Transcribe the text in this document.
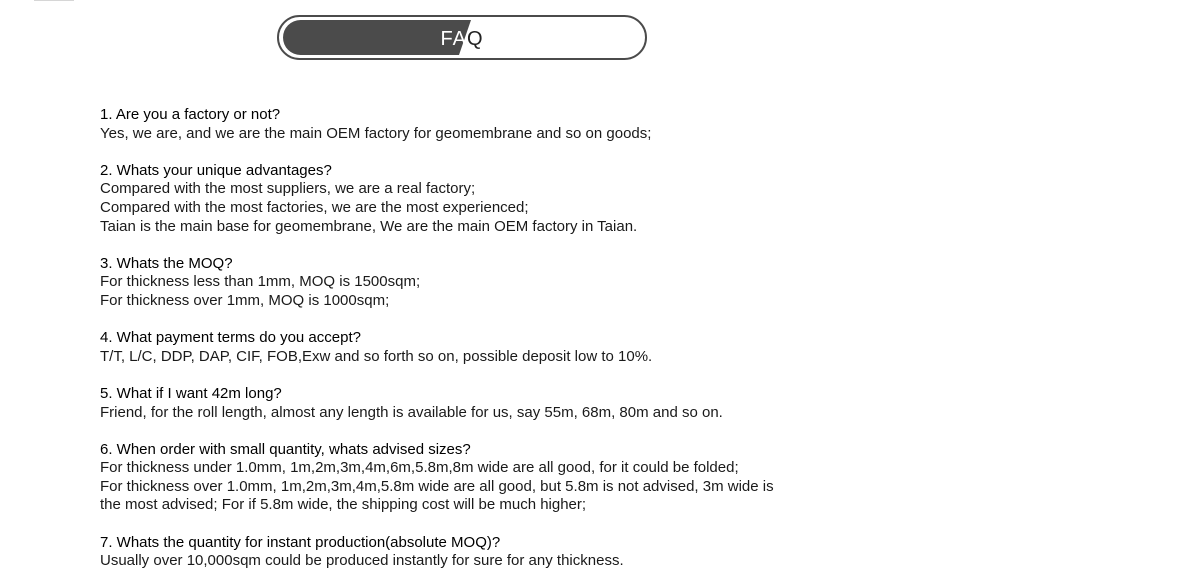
FAQ
1. Are you a factory or not?
Yes, we are, and we are the main OEM factory for geomembrane and so on goods;
2. Whats your unique advantages?
Compared with the most suppliers, we are a real factory;
Compared with the most factories, we are the most experienced;
Taian is the main base for geomembrane, We are the main OEM factory in Taian.
3. Whats the MOQ?
For thickness less than 1mm, MOQ is 1500sqm;
For thickness over 1mm, MOQ is 1000sqm;
4. What payment terms do you accept?
T/T, L/C, DDP, DAP, CIF, FOB,Exw and so forth so on, possible deposit low to 10%.
5. What if I want 42m long?
Friend, for the roll length, almost any length is available for us, say 55m, 68m, 80m and so on.
6. When order with small quantity, whats advised sizes?
For thickness under 1.0mm, 1m,2m,3m,4m,6m,5.8m,8m wide are all good, for it could be folded;
For thickness over 1.0mm, 1m,2m,3m,4m,5.8m wide are all good, but 5.8m is not advised, 3m wide is
the most advised; For if 5.8m wide, the shipping cost will be much higher;
7. Whats the quantity for instant production(absolute MOQ)?
Usually over 10,000sqm could be produced instantly for sure for any thickness.
